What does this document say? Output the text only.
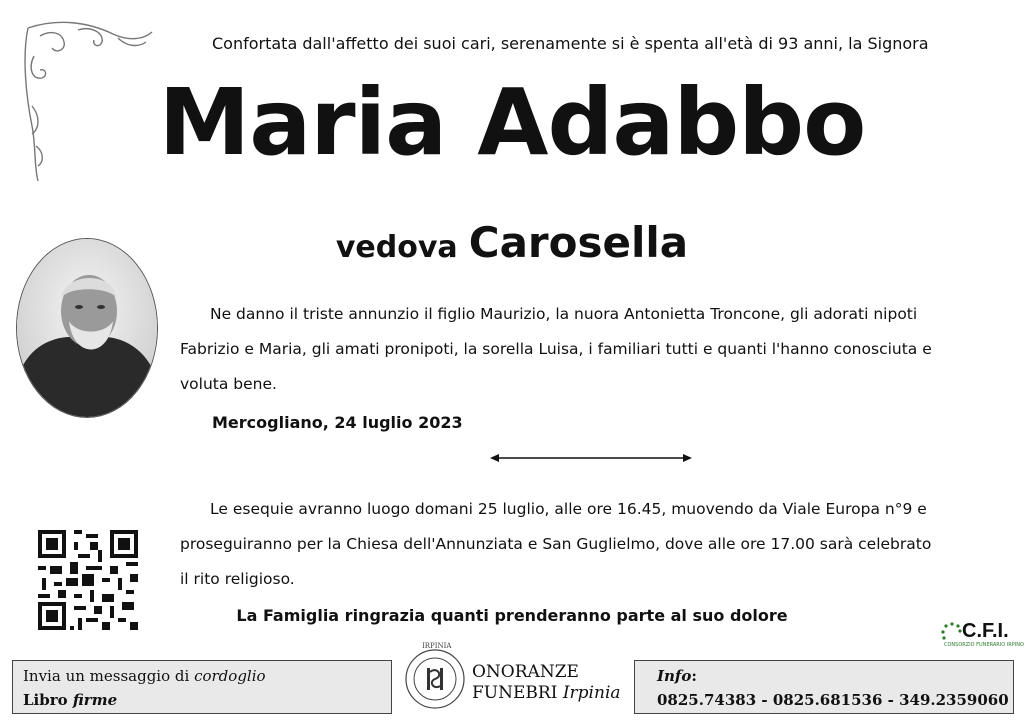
Confortata dall'affetto dei suoi cari, serenamente si è spenta all'età di 93 anni, la Signora
Maria Adabbo
vedova Carosella
Ne danno il triste annunzio il figlio Maurizio, la nuora Antonietta Troncone, gli adorati nipoti
Fabrizio e Maria, gli amati pronipoti, la sorella Luisa, i familiari tutti e quanti l'hanno conosciuta e
voluta bene.
Mercogliano, 24 luglio 2023
Le esequie avranno luogo domani 25 luglio, alle ore 16.45, muovendo da Viale Europa n°9 e
proseguiranno per la Chiesa dell'Annunziata e San Guglielmo, dove alle ore 17.00 sarà celebrato
il rito religioso.
La Famiglia ringrazia quanti prenderanno parte al suo dolore
C.F.I.
CONSORZIO FUNERARIO IRPINO
Invia un messaggio di cordoglio
Libro firme
IRPINIA
ONORANZE
FUNEBRI Irpinia
Info:
0825.74383 - 0825.681536 - 349.2359060
